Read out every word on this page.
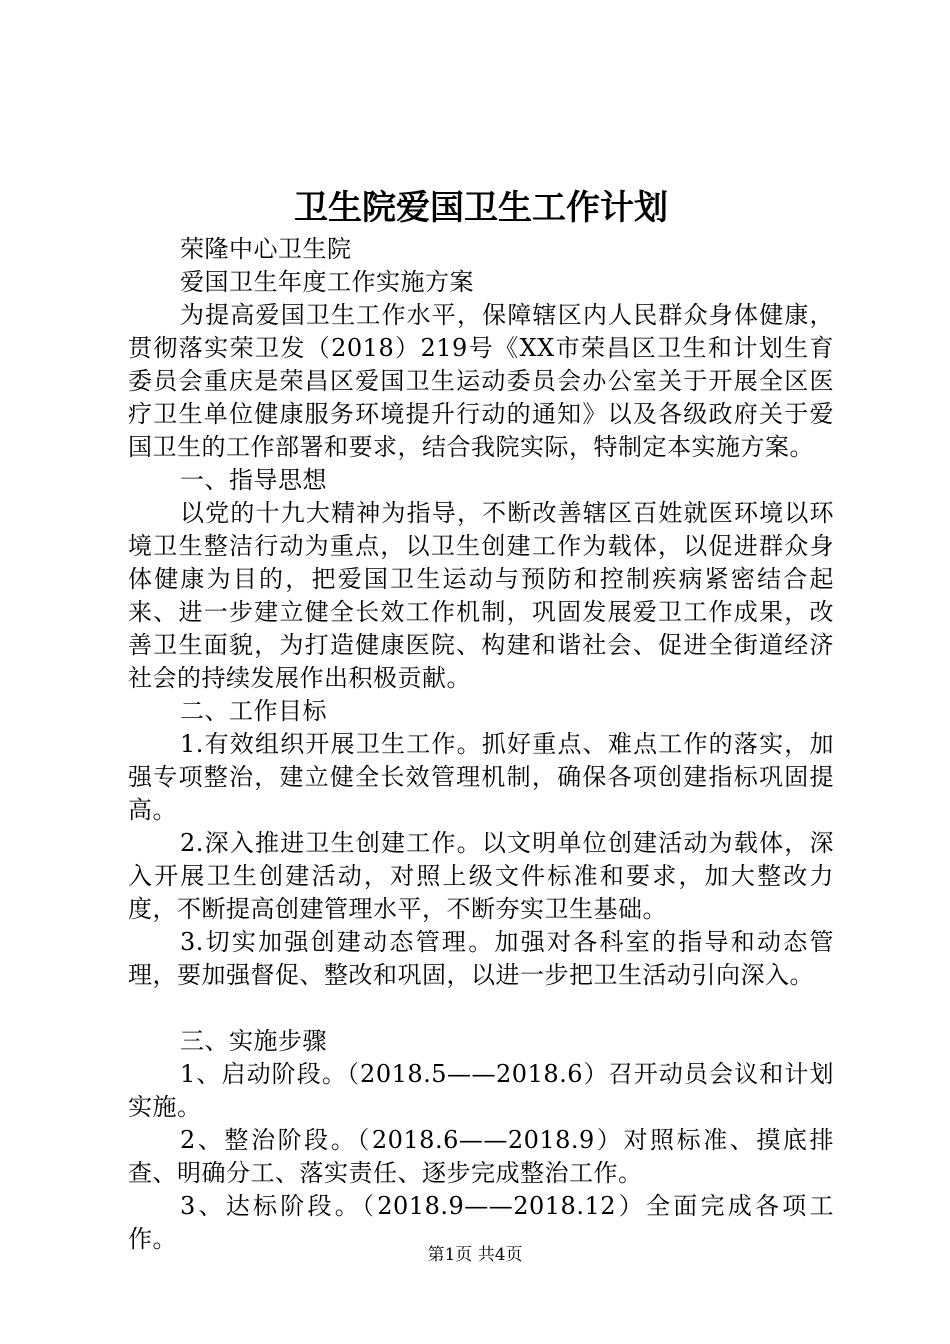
卫生院爱国卫生工作计划

荣隆中心卫生院

爱国卫生年度工作实施方案

为提高爱国卫生工作水平，保障辖区内人民群众身体健康，贯彻落实荣卫发（2018）219号《XX市荣昌区卫生和计划生育委员会重庆是荣昌区爱国卫生运动委员会办公室关于开展全区医疗卫生单位健康服务环境提升行动的通知》以及各级政府关于爱国卫生的工作部署和要求，结合我院实际，特制定本实施方案。

一、指导思想

以党的十九大精神为指导，不断改善辖区百姓就医环境以环境卫生整洁行动为重点，以卫生创建工作为载体，以促进群众身体健康为目的，把爱国卫生运动与预防和控制疾病紧密结合起来、进一步建立健全长效工作机制，巩固发展爱卫工作成果，改善卫生面貌，为打造健康医院、构建和谐社会、促进全街道经济社会的持续发展作出积极贡献。

二、工作目标

1.有效组织开展卫生工作。抓好重点、难点工作的落实，加强专项整治，建立健全长效管理机制，确保各项创建指标巩固提高。

2.深入推进卫生创建工作。以文明单位创建活动为载体，深入开展卫生创建活动，对照上级文件标准和要求，加大整改力度，不断提高创建管理水平，不断夯实卫生基础。

3.切实加强创建动态管理。加强对各科室的指导和动态管理，要加强督促、整改和巩固，以进一步把卫生活动引向深入。

三、实施步骤

1、启动阶段。（2018.5——2018.6）召开动员会议和计划实施。

2、整治阶段。（2018.6——2018.9）对照标准、摸底排查、明确分工、落实责任、逐步完成整治工作。

3、达标阶段。（2018.9——2018.12）全面完成各项工作。

第1页 共4页
